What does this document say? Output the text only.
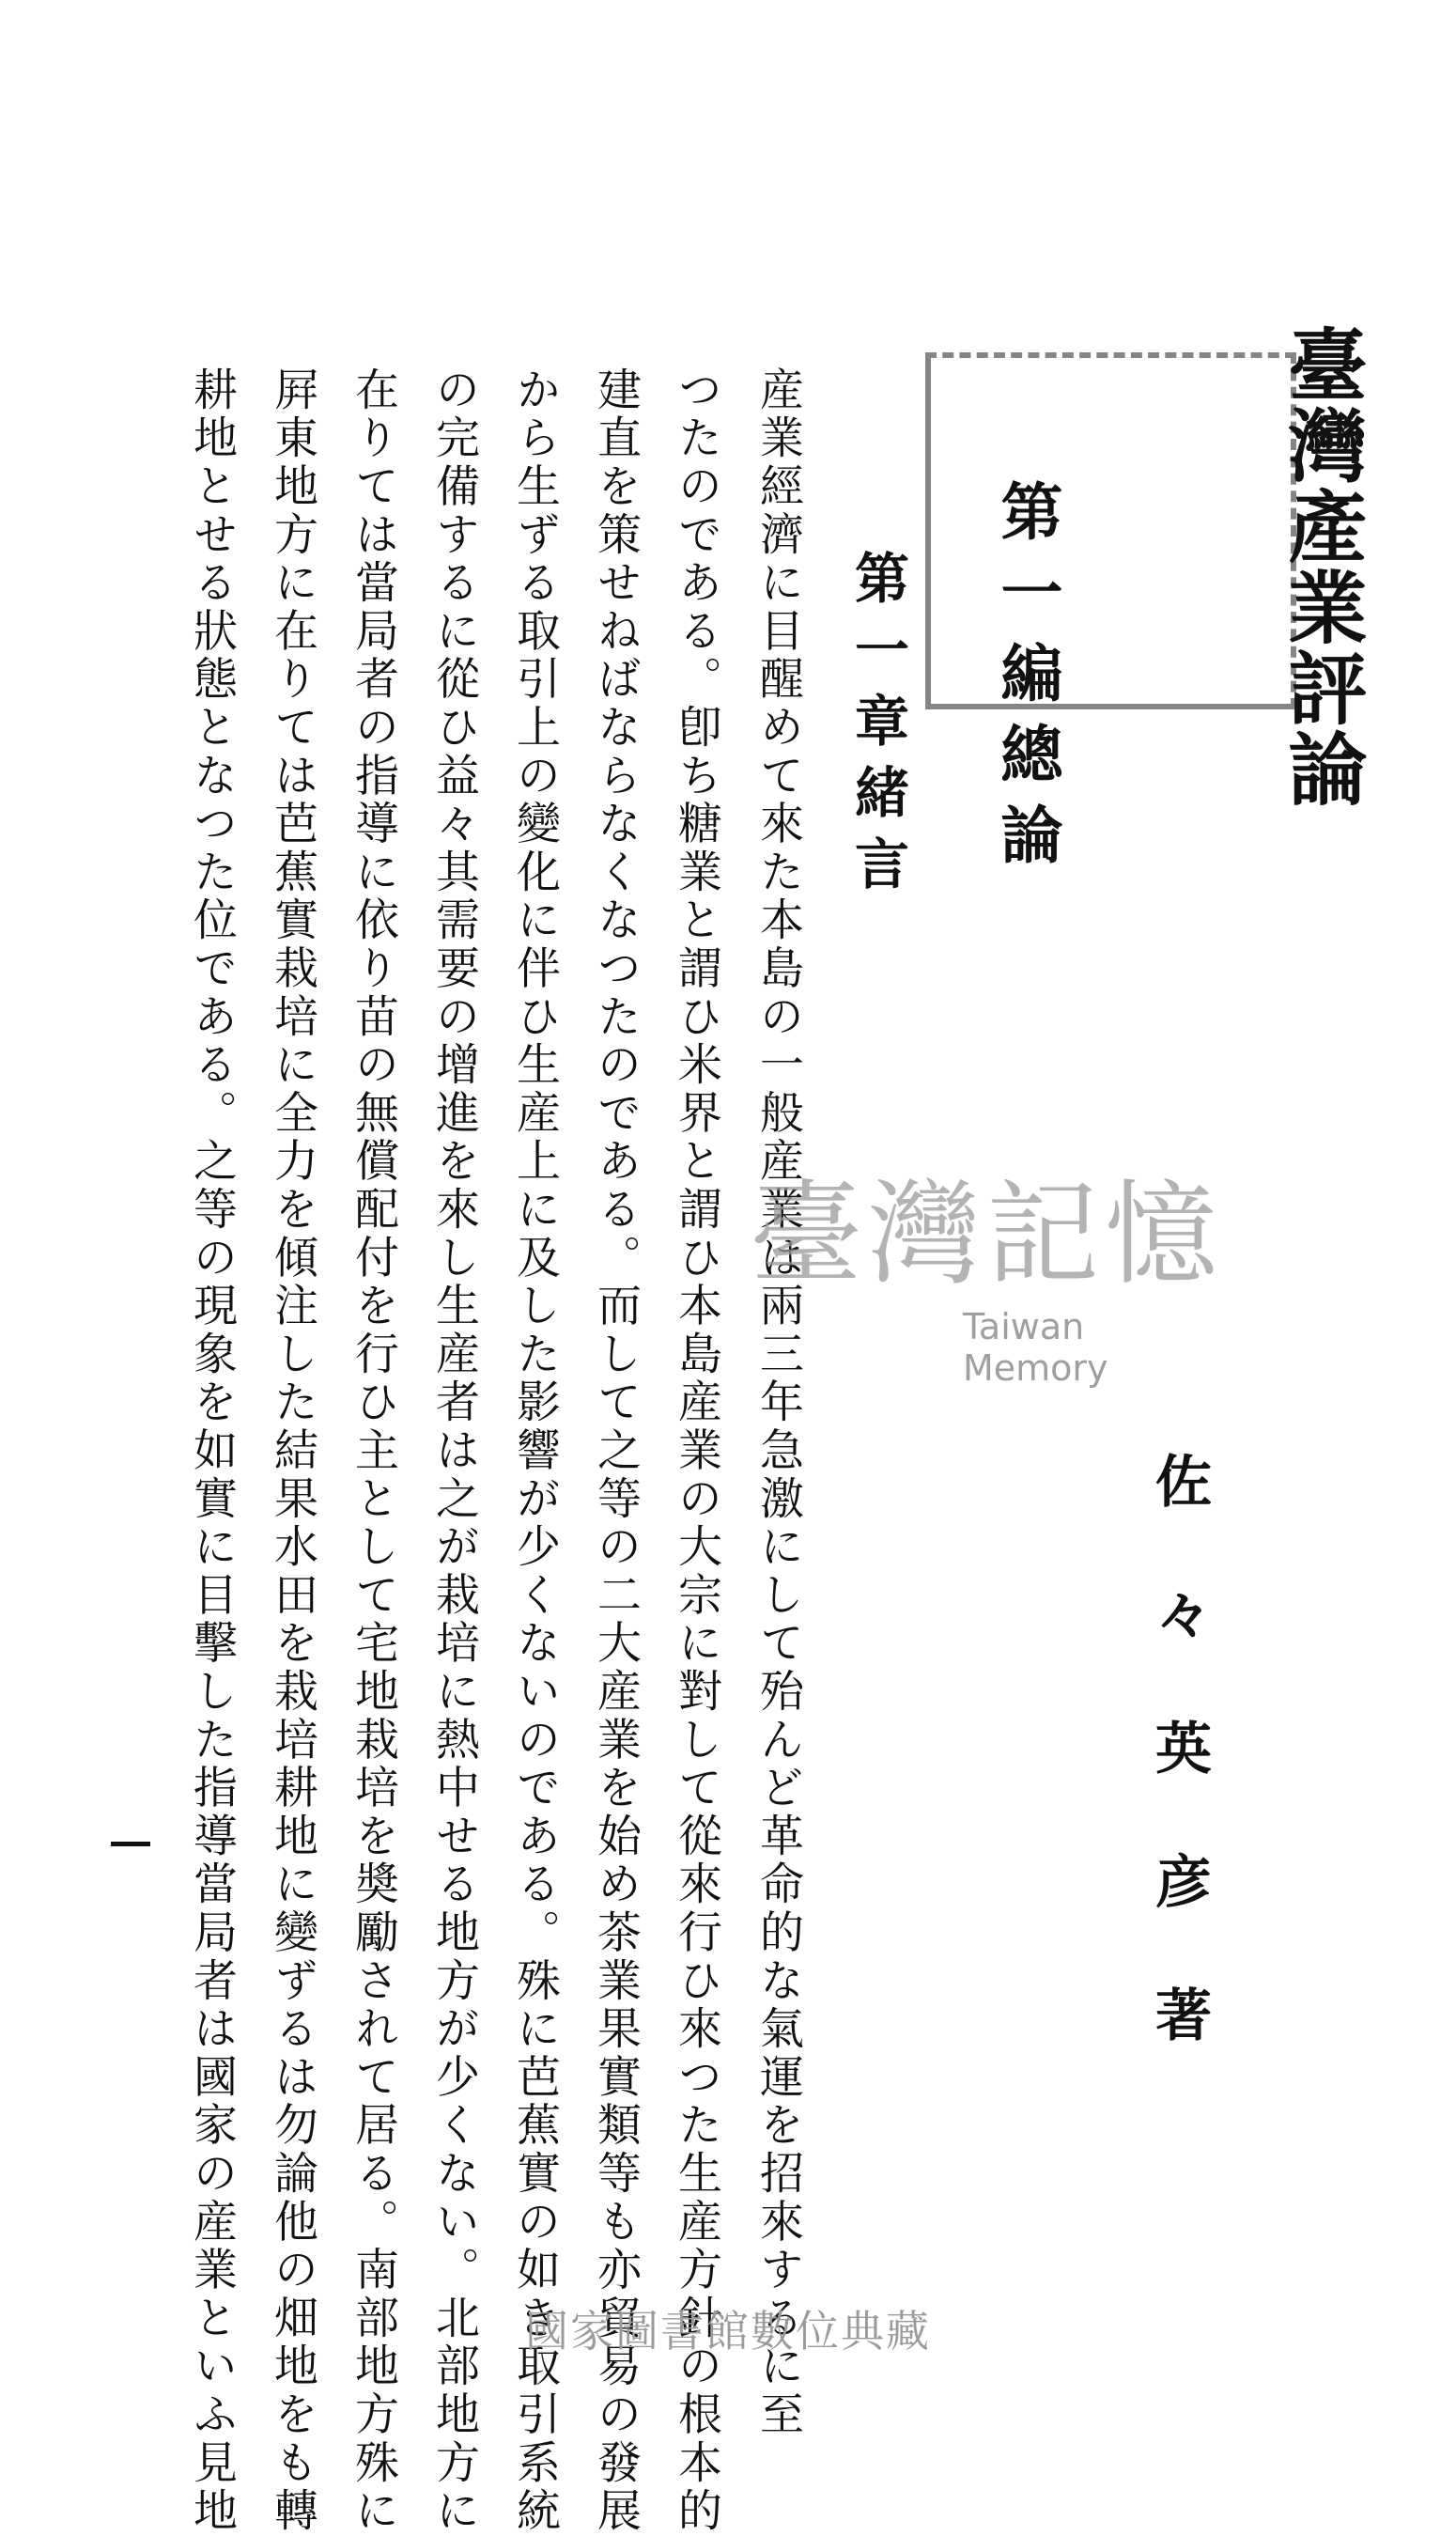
臺灣產業評論
第一編總論
第一章緒言
佐々英彦著
産業經濟に目醒めて來た本島の一般産業は兩三年急激にして殆んど革命的な氣運を招來するに至
つたのである。卽ち糖業と謂ひ米界と謂ひ本島産業の大宗に對して從來行ひ來つた生産方針の根本的
建直を策せねばならなくなつたのである。而して之等の二大産業を始め茶業果實類等も亦貿易の發展
から生ずる取引上の變化に伴ひ生産上に及した影響が少くないのである。殊に芭蕉實の如き取引系統
の完備するに從ひ益々其需要の增進を來し生産者は之が栽培に熱中せる地方が少くない。北部地方に
在りては當局者の指導に依り苗の無償配付を行ひ主として宅地栽培を奬勵されて居る。南部地方殊に
屛東地方に在りては芭蕉實栽培に全力を傾注した結果水田を栽培耕地に變ずるは勿論他の畑地をも轉
耕地とせる狀態となつた位である。之等の現象を如實に目擊した指導當局者は國家の産業といふ見地	臺灣記憶
Taiwan Memory
國家圖書館數位典藏
